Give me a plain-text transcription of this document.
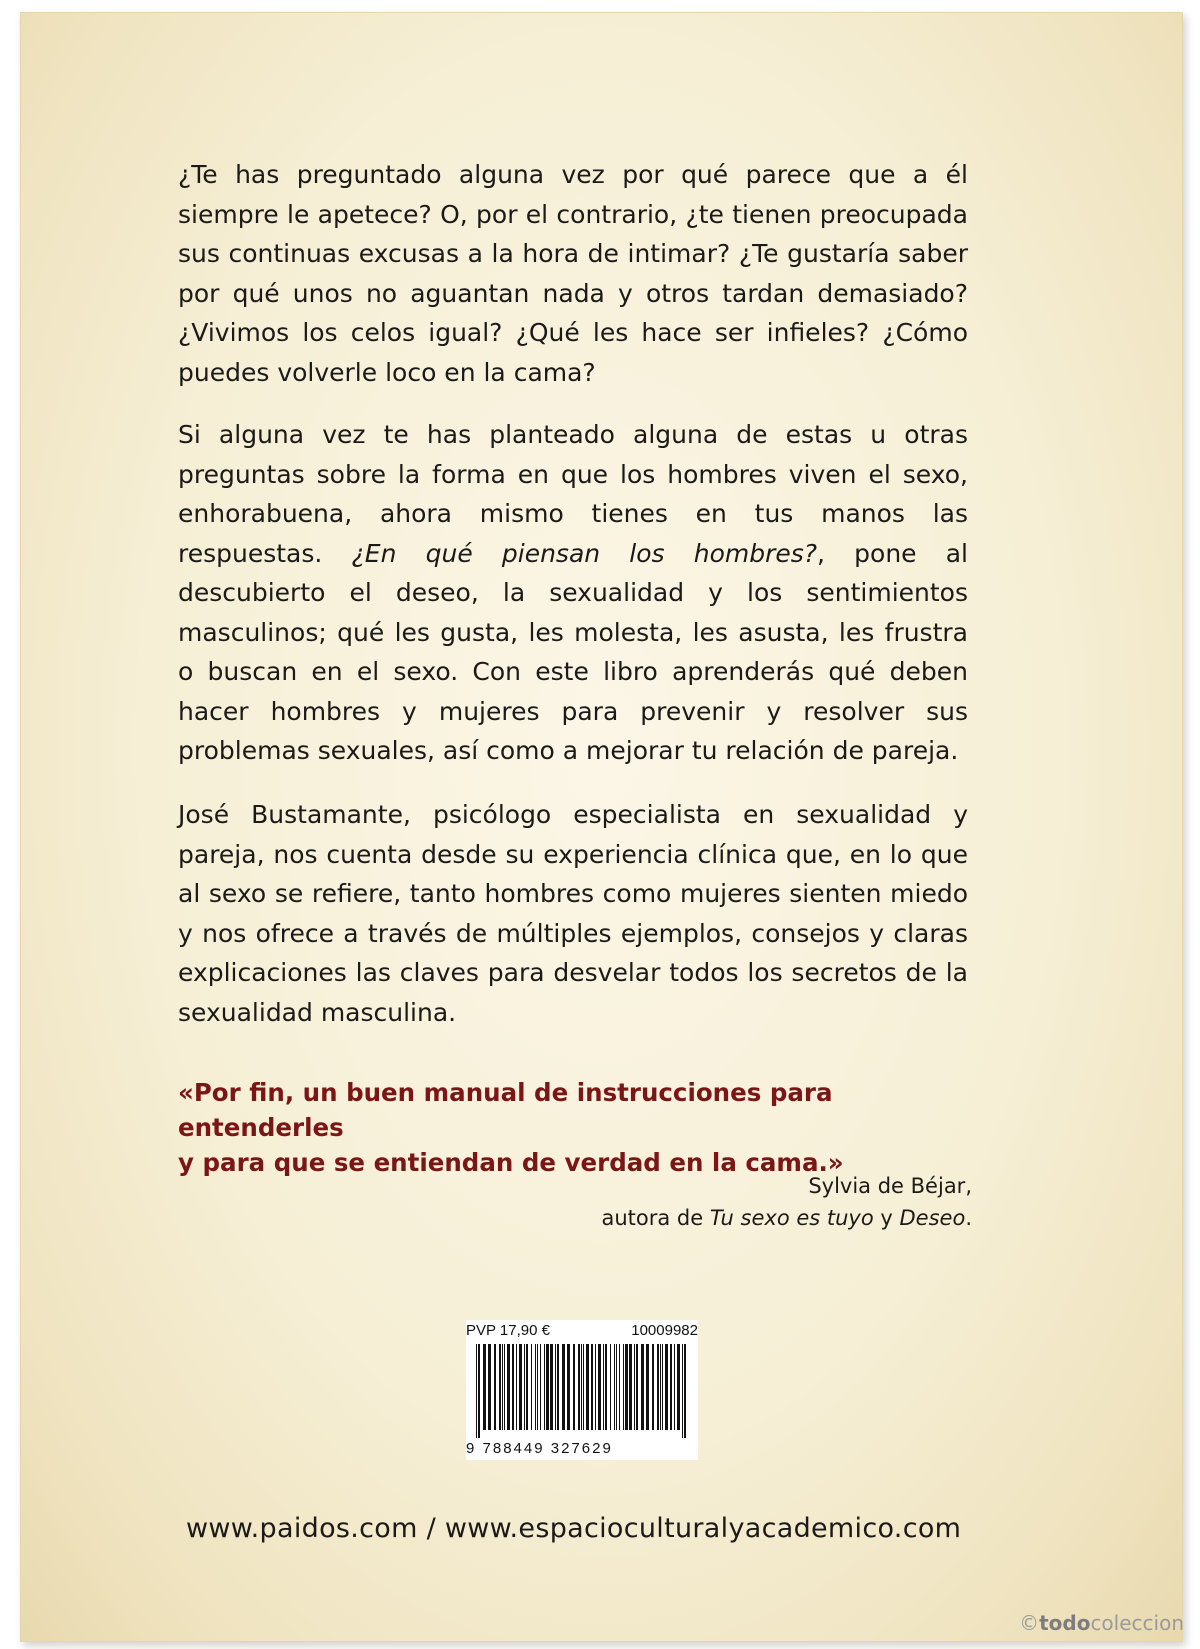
¿Te has preguntado alguna vez por qué parece que a él siempre le apetece? O, por el contrario, ¿te tienen preocupada sus continuas excusas a la hora de intimar? ¿Te gustaría saber por qué unos no aguantan nada y otros tardan demasiado? ¿Vivimos los celos igual? ¿Qué les hace ser infieles? ¿Cómo puedes volverle loco en la cama?

Si alguna vez te has planteado alguna de estas u otras preguntas sobre la forma en que los hombres viven el sexo, enhorabuena, ahora mismo tienes en tus manos las respuestas. ¿En qué piensan los hombres?, pone al descubierto el deseo, la sexualidad y los sentimientos masculinos; qué les gusta, les molesta, les asusta, les frustra o buscan en el sexo. Con este libro aprenderás qué deben hacer hombres y mujeres para prevenir y resolver sus problemas sexuales, así como a mejorar tu relación de pareja.

José Bustamante, psicólogo especialista en sexualidad y pareja, nos cuenta desde su experiencia clínica que, en lo que al sexo se refiere, tanto hombres como mujeres sienten miedo y nos ofrece a través de múltiples ejemplos, consejos y claras explicaciones las claves para desvelar todos los secretos de la sexualidad masculina.

«Por fin, un buen manual de instrucciones para entenderles
y para que se entiendan de verdad en la cama.»
Sylvia de Béjar,
autora de Tu sexo es tuyo y Deseo.
PVP 17,90 €	10009982
9 788449 327629
www.paidos.com / www.espacioculturalyacademico.com
©todocoleccion
